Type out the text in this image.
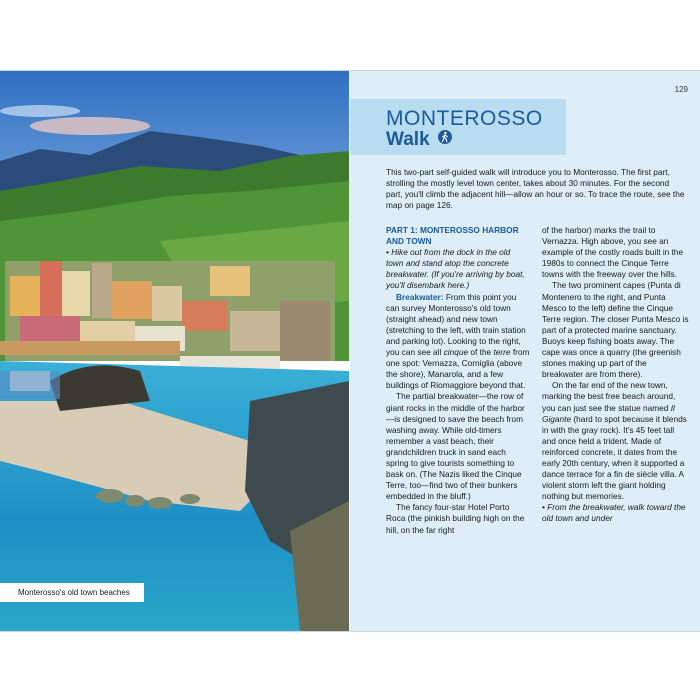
Monterosso's old town beaches
129
MONTEROSSO
Walk
This two-part self-guided walk will introduce you to Monterosso. The first part, strolling the mostly level town center, takes about 30 minutes. For the second part, you'll climb the adjacent hill—allow an hour or so. To trace the route, see the map on page 126.

PART 1: MONTEROSSO HARBOR AND TOWN

• Hike out from the dock in the old town and stand atop the concrete breakwater. (If you're arriving by boat, you'll disembark here.)

Breakwater: From this point you can survey Monterosso's old town (straight ahead) and new town (stretching to the left, with train station and parking lot). Looking to the right, you can see all cinque of the terre from one spot: Vernazza, Corniglia (above the shore), Manarola, and a few buildings of Riomaggiore beyond that.

The partial breakwater—the row of giant rocks in the middle of the harbor—is designed to save the beach from washing away. While old-timers remember a vast beach, their grandchildren truck in sand each spring to give tourists something to bask on. (The Nazis liked the Cinque Terre, too—find two of their bunkers embedded in the bluff.)

The fancy four-star Hotel Porto Roca (the pinkish building high on the hill, on the far right

of the harbor) marks the trail to Vernazza. High above, you see an example of the costly roads built in the 1980s to connect the Cinque Terre towns with the freeway over the hills.

The two prominent capes (Punta di Montenero to the right, and Punta Mesco to the left) define the Cinque Terre region. The closer Punta Mesco is part of a protected marine sanctuary. Buoys keep fishing boats away. The cape was once a quarry (the greenish stones making up part of the breakwater are from there).

On the far end of the new town, marking the best free beach around, you can just see the statue named Il Gigante (hard to spot because it blends in with the gray rock). It's 45 feet tall and once held a trident. Made of reinforced concrete, it dates from the early 20th century, when it supported a dance terrace for a fin de siècle villa. A violent storm left the giant holding nothing but memories.

• From the breakwater, walk toward the old town and under
